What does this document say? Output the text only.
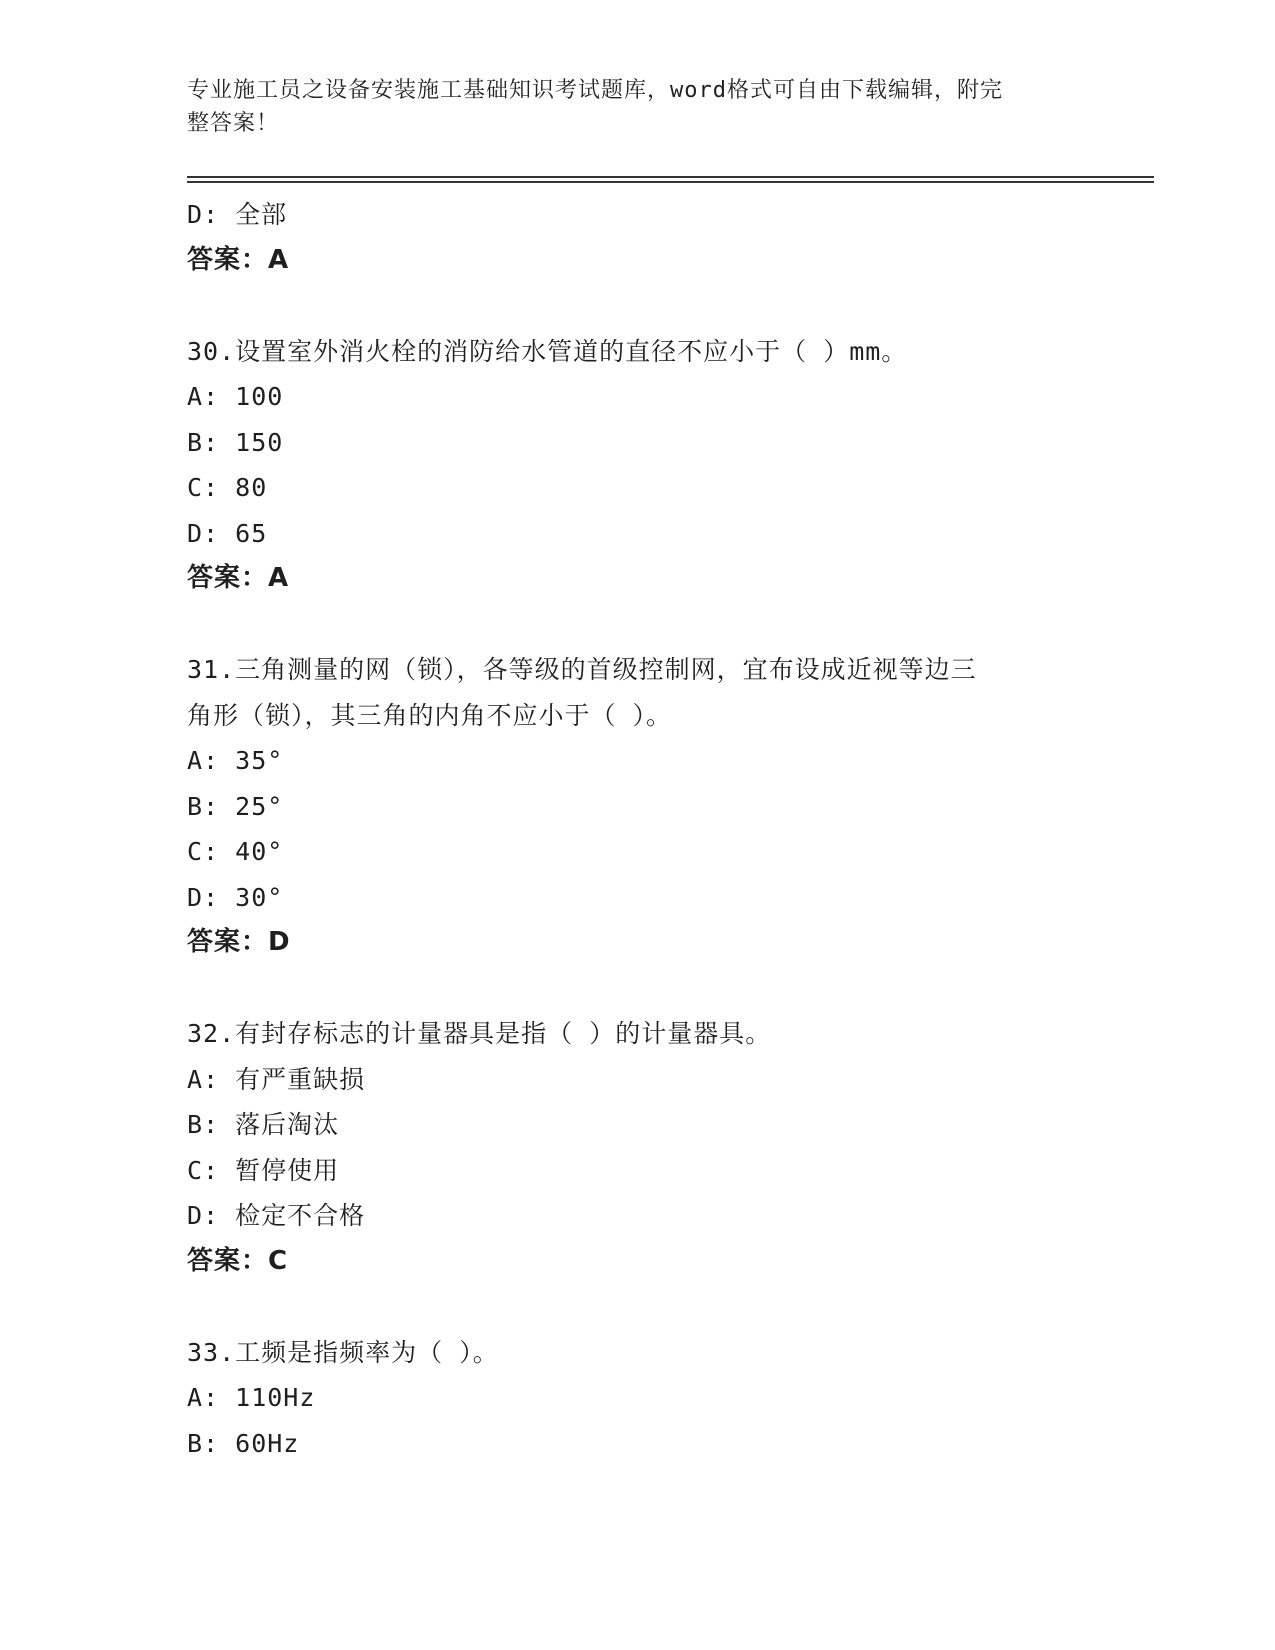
专业施工员之设备安装施工基础知识考试题库，word格式可自由下载编辑，附完
整答案！
D: 全部
答案：A
30.设置室外消火栓的消防给水管道的直径不应小于（ ）mm。
A: 100
B: 150
C: 80
D: 65
答案：A
31.三角测量的网（锁），各等级的首级控制网，宜布设成近视等边三
角形（锁），其三角的内角不应小于（ ）。
A: 35°
B: 25°
C: 40°
D: 30°
答案：D
32.有封存标志的计量器具是指（ ）的计量器具。
A: 有严重缺损
B: 落后淘汰
C: 暂停使用
D: 检定不合格
答案：C
33.工频是指频率为（ ）。
A: 110Hz
B: 60Hz
